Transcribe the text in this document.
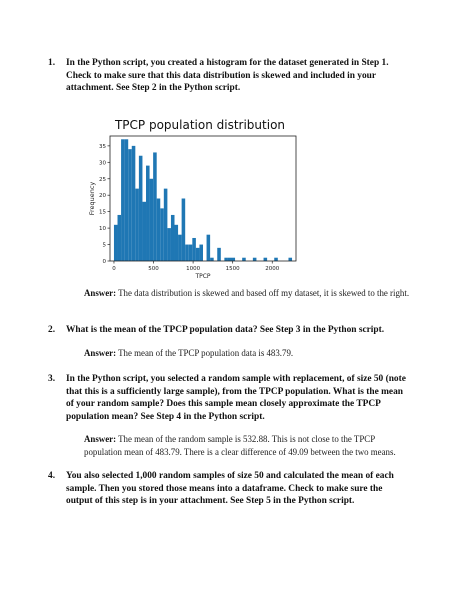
1. In the Python script, you created a histogram for the dataset generated in Step 1. Check to make sure that this data distribution is skewed and included in your attachment. See Step 2 in the Python script.
TPCP population distribution
0	500	1000	1500	2000
0
5
10
15
20
25
30
35
TPCP
Frequency
Answer: The data distribution is skewed and based off my dataset, it is skewed to the right.
2. What is the mean of the TPCP population data? See Step 3 in the Python script.
Answer: The mean of the TPCP population data is 483.79.
3. In the Python script, you selected a random sample with replacement, of size 50 (note that this is a sufficiently large sample), from the TPCP population. What is the mean of your random sample? Does this sample mean closely approximate the TPCP population mean? See Step 4 in the Python script.
Answer: The mean of the random sample is 532.88. This is not close to the TPCP population mean of 483.79. There is a clear difference of 49.09 between the two means.
4. You also selected 1,000 random samples of size 50 and calculated the mean of each sample. Then you stored those means into a dataframe. Check to make sure the output of this step is in your attachment. See Step 5 in the Python script.
